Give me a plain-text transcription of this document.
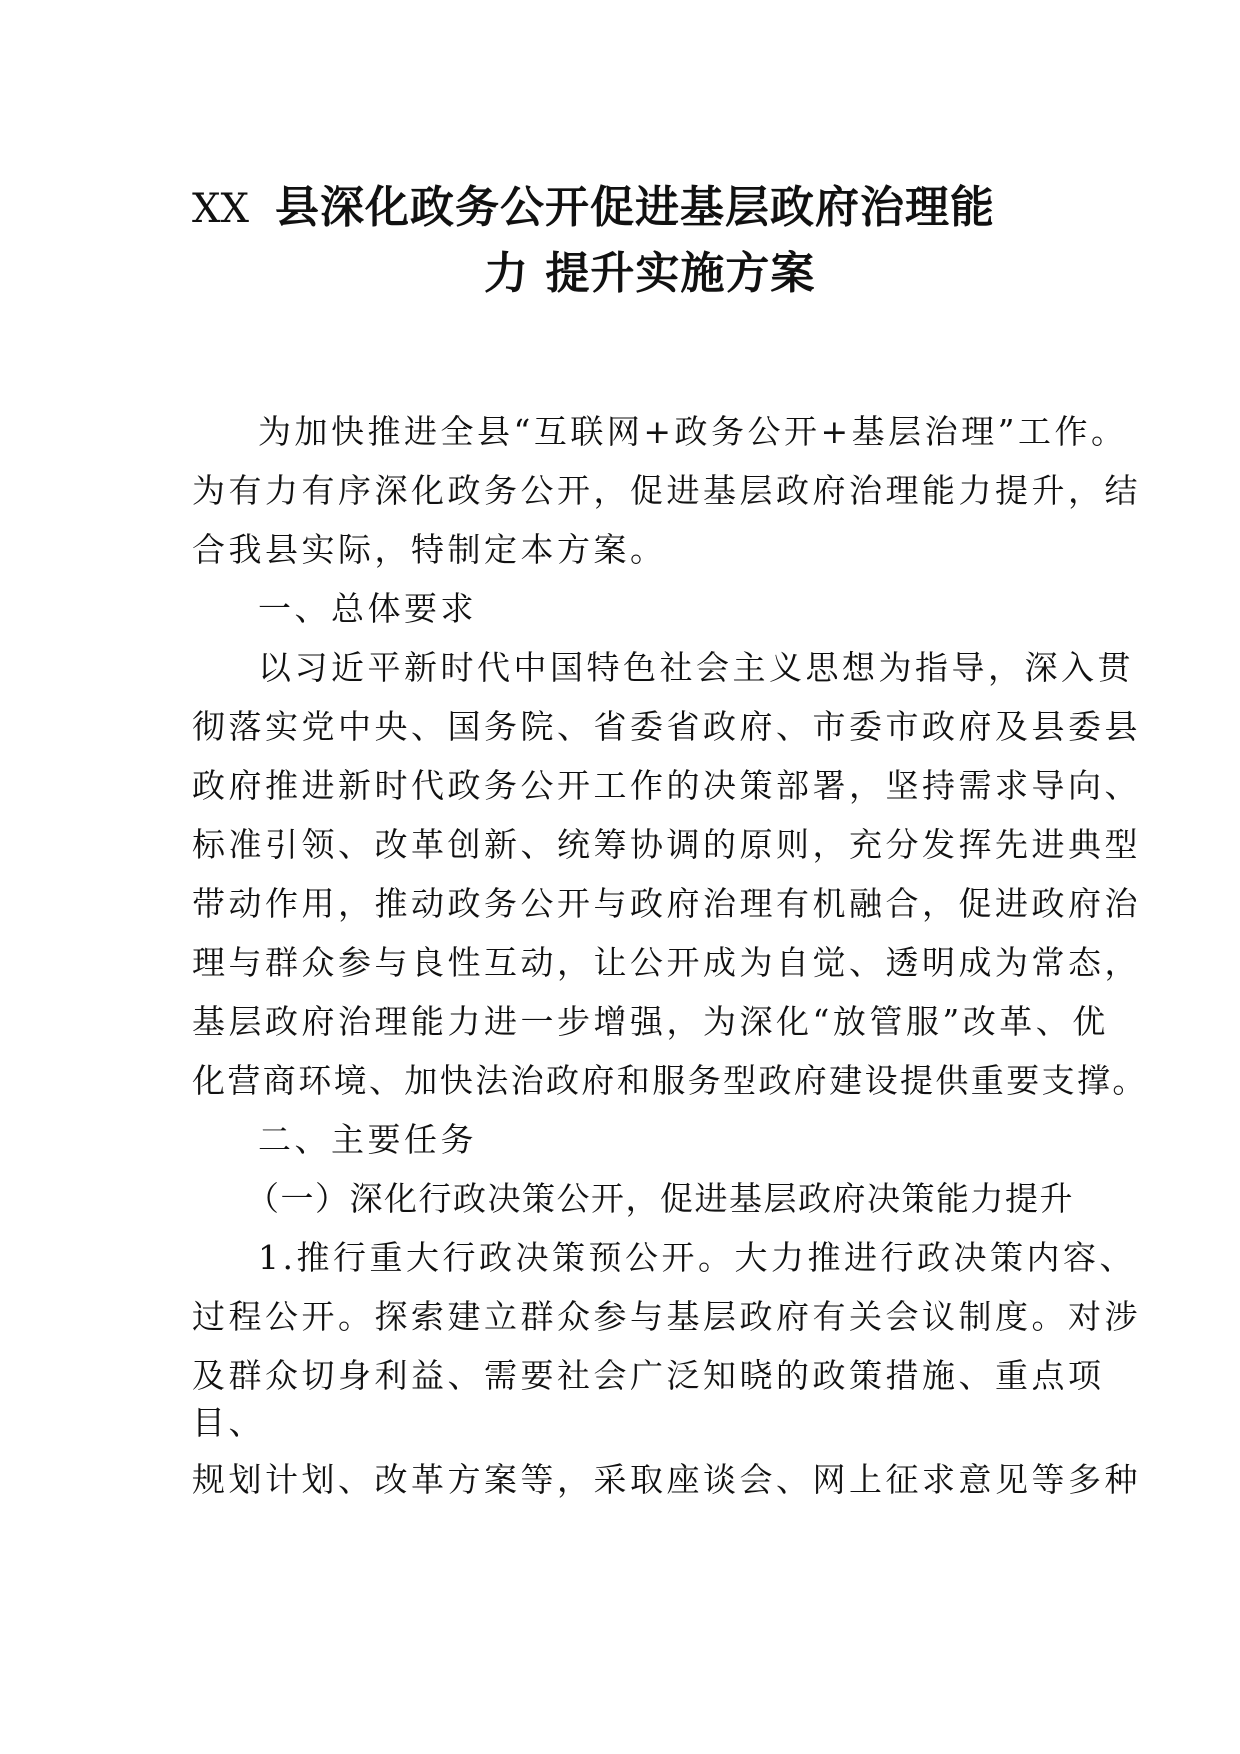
XX 县深化政务公开促进基层政府治理能
力 提升实施方案
为加快推进全县“互联网+政务公开+基层治理”工作。
为有力有序深化政务公开，促进基层政府治理能力提升，结
合我县实际，特制定本方案。
一、总体要求
以习近平新时代中国特色社会主义思想为指导，深入贯
彻落实党中央、国务院、省委省政府、市委市政府及县委县
政府推进新时代政务公开工作的决策部署，坚持需求导向、
标准引领、改革创新、统筹协调的原则，充分发挥先进典型
带动作用，推动政务公开与政府治理有机融合，促进政府治
理与群众参与良性互动，让公开成为自觉、透明成为常态，
基层政府治理能力进一步增强，为深化“放管服”改革、优
化营商环境、加快法治政府和服务型政府建设提供重要支撑。
二、主要任务
（一）深化行政决策公开，促进基层政府决策能力提升
1.推行重大行政决策预公开。大力推进行政决策内容、
过程公开。探索建立群众参与基层政府有关会议制度。对涉
及群众切身利益、需要社会广泛知晓的政策措施、重点项
目、
规划计划、改革方案等，采取座谈会、网上征求意见等多种
